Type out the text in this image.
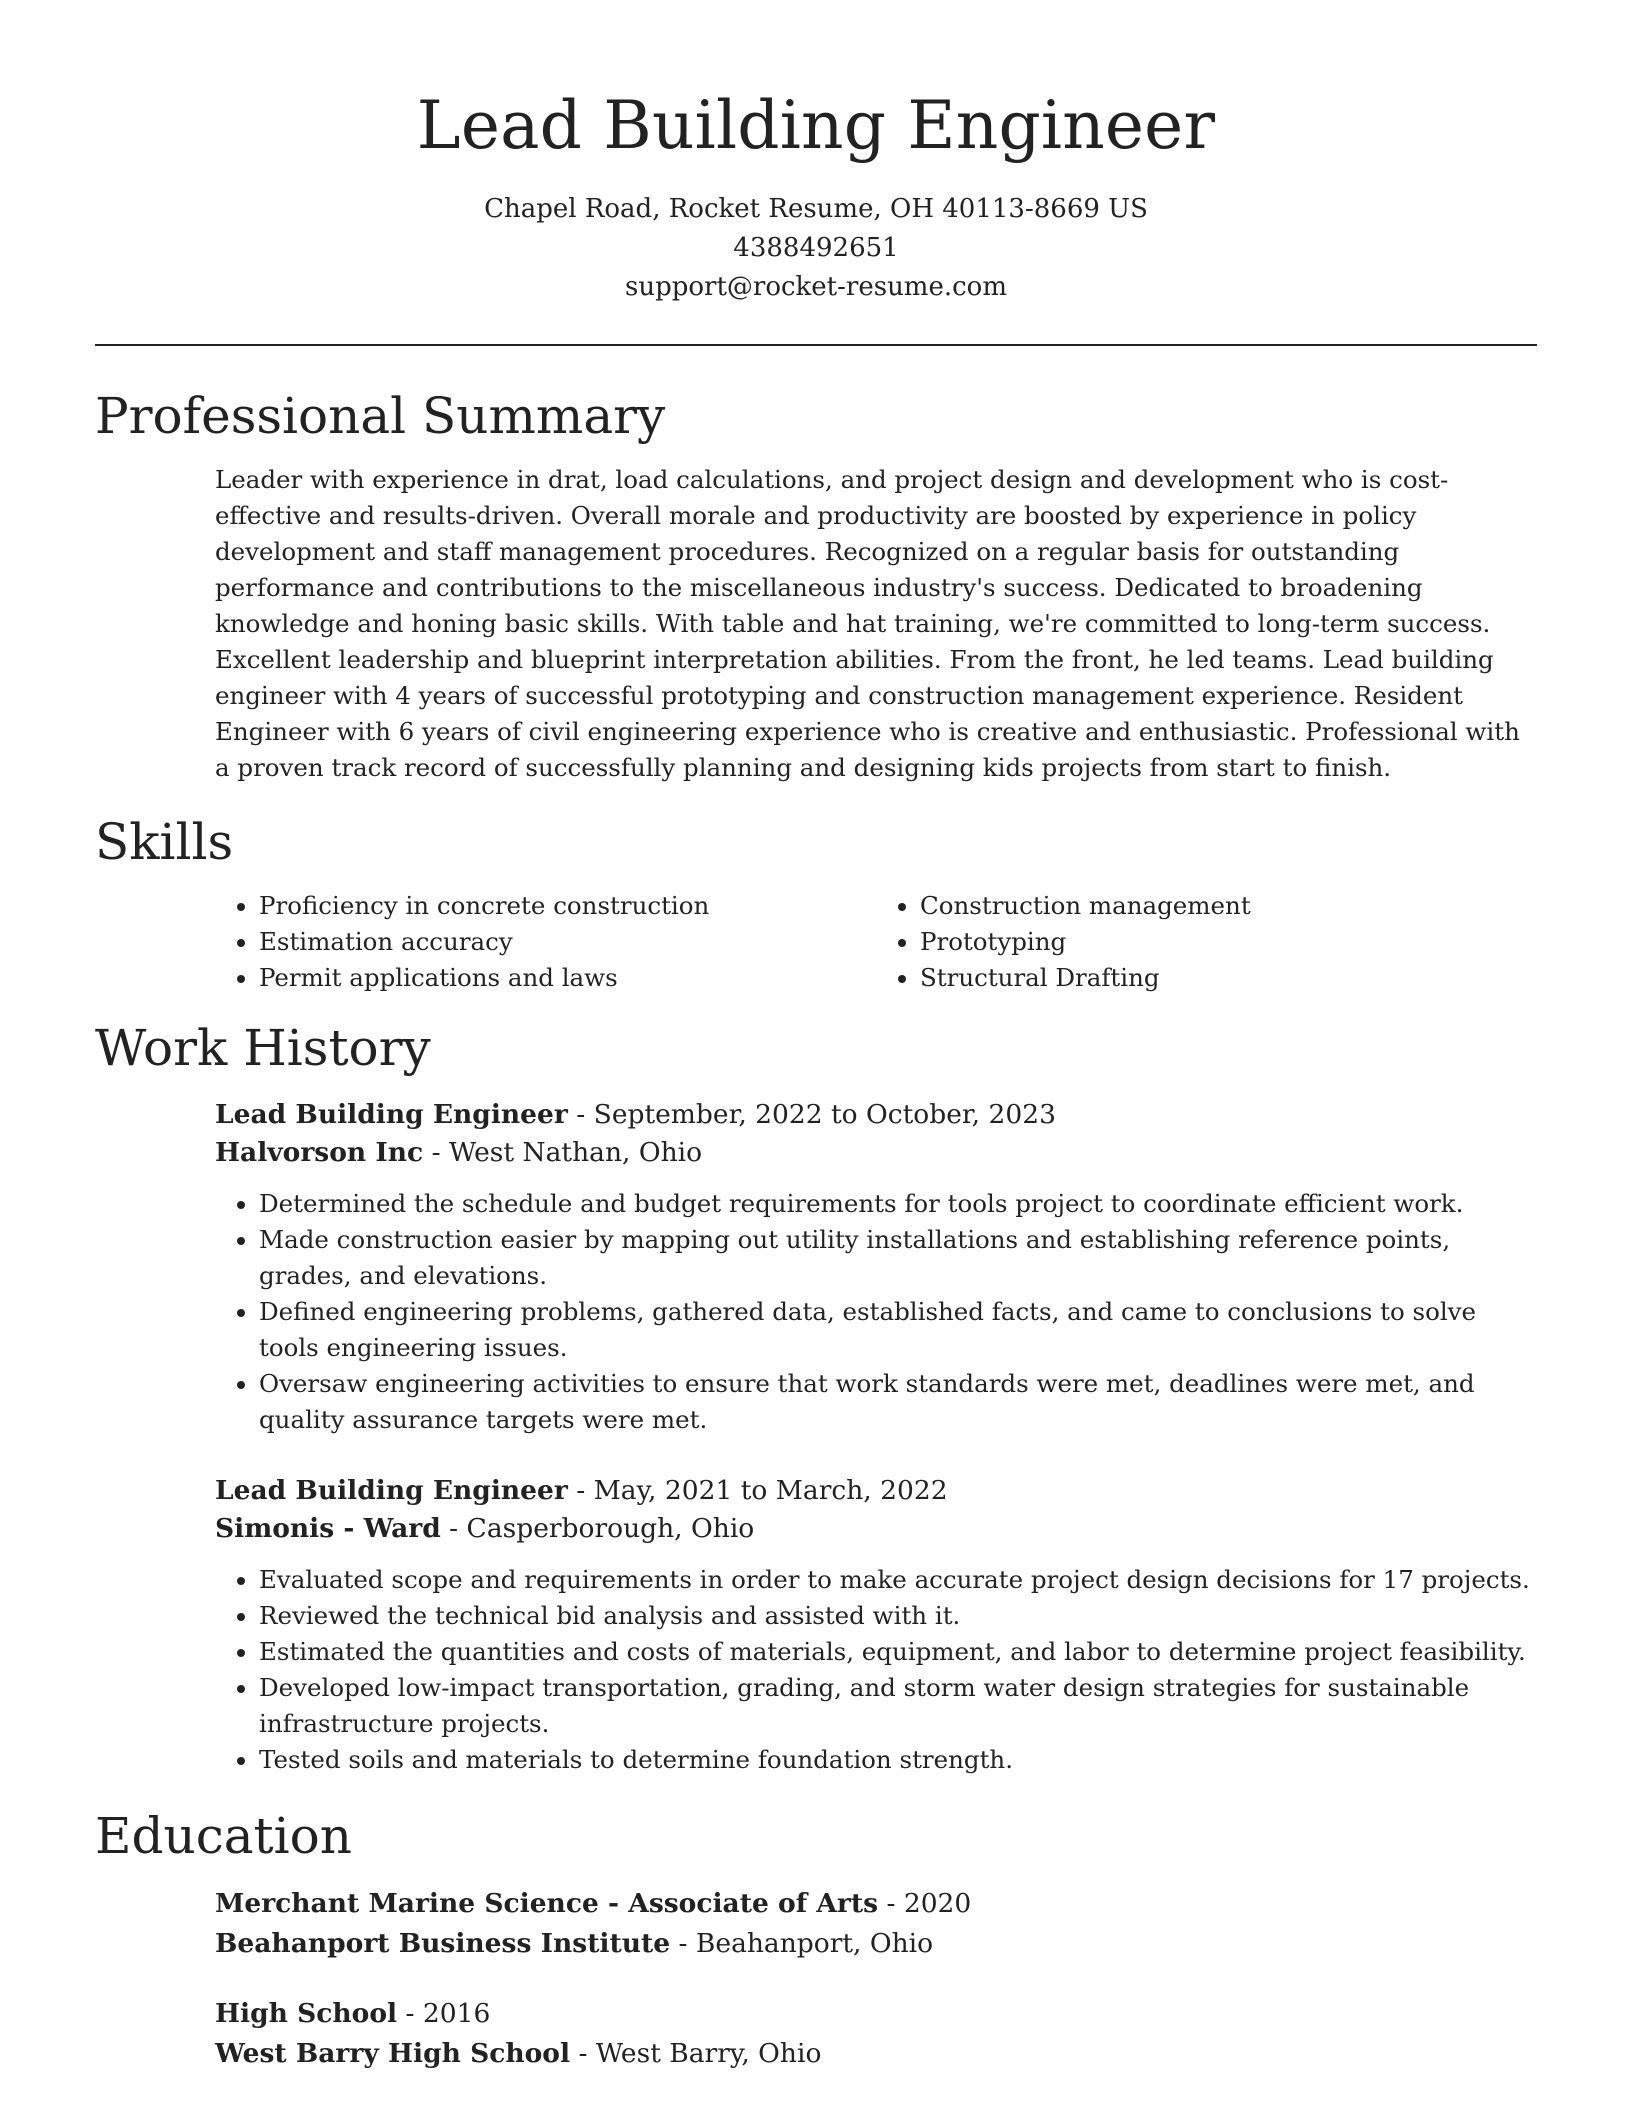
Lead Building Engineer
Chapel Road, Rocket Resume, OH 40113-8669 US
4388492651
support@rocket-resume.com
Professional Summary

Leader with experience in drat, load calculations, and project design and development who is cost-effective and results-driven. Overall morale and productivity are boosted by experience in policy development and staff management procedures. Recognized on a regular basis for outstanding performance and contributions to the miscellaneous industry's success. Dedicated to broadening knowledge and honing basic skills. With table and hat training, we're committed to long-term success. Excellent leadership and blueprint interpretation abilities. From the front, he led teams. Lead building engineer with 4 years of successful prototyping and construction management experience. Resident Engineer with 6 years of civil engineering experience who is creative and enthusiastic. Professional with a proven track record of successfully planning and designing kids projects from start to finish.

Skills
• Proficiency in concrete construction
• Estimation accuracy
• Permit applications and laws
• Construction management
• Prototyping
• Structural Drafting
Work History
Lead Building Engineer - September, 2022 to October, 2023
Halvorson Inc - West Nathan, Ohio
• Determined the schedule and budget requirements for tools project to coordinate efficient work.
• Made construction easier by mapping out utility installations and establishing reference points, grades, and elevations.
• Defined engineering problems, gathered data, established facts, and came to conclusions to solve tools engineering issues.
• Oversaw engineering activities to ensure that work standards were met, deadlines were met, and quality assurance targets were met.
Lead Building Engineer - May, 2021 to March, 2022
Simonis - Ward - Casperborough, Ohio
• Evaluated scope and requirements in order to make accurate project design decisions for 17 projects.
• Reviewed the technical bid analysis and assisted with it.
• Estimated the quantities and costs of materials, equipment, and labor to determine project feasibility.
• Developed low-impact transportation, grading, and storm water design strategies for sustainable infrastructure projects.
• Tested soils and materials to determine foundation strength.
Education
Merchant Marine Science - Associate of Arts - 2020
Beahanport Business Institute - Beahanport, Ohio
High School - 2016
West Barry High School - West Barry, Ohio
